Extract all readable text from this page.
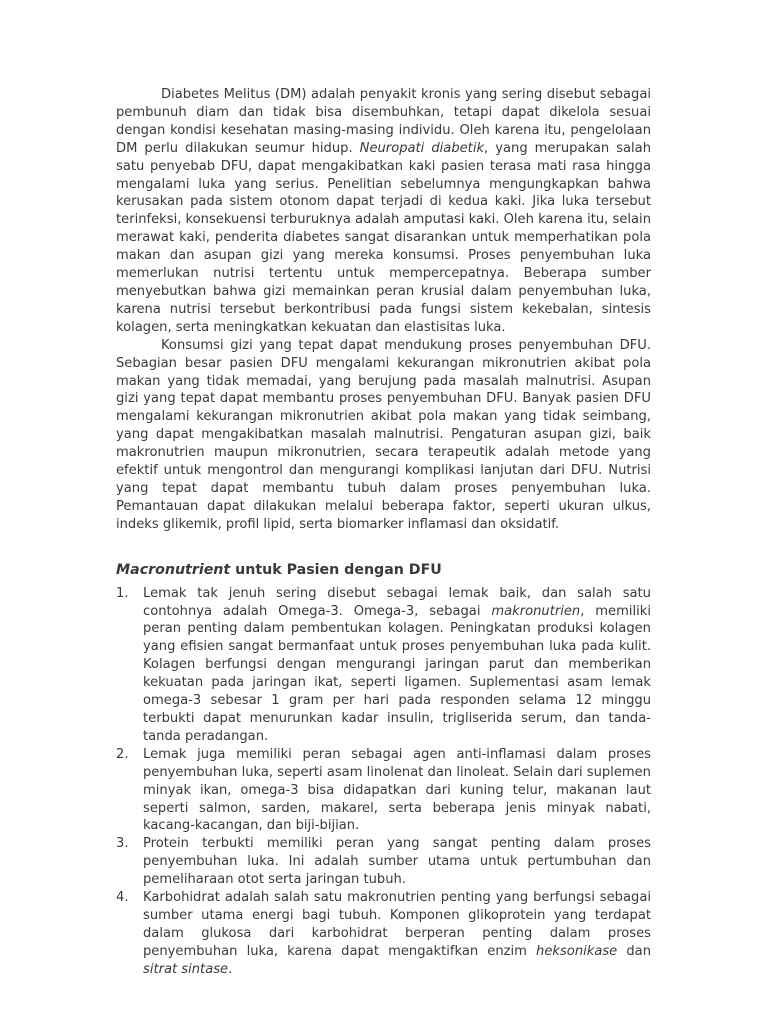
Diabetes Melitus (DM) adalah penyakit kronis yang sering disebut sebagai pembunuh diam dan tidak bisa disembuhkan, tetapi dapat dikelola sesuai dengan kondisi kesehatan masing-masing individu. Oleh karena itu, pengelolaan DM perlu dilakukan seumur hidup. Neuropati diabetik, yang merupakan salah satu penyebab DFU, dapat mengakibatkan kaki pasien terasa mati rasa hingga mengalami luka yang serius. Penelitian sebelumnya mengungkapkan bahwa kerusakan pada sistem otonom dapat terjadi di kedua kaki. Jika luka tersebut terinfeksi, konsekuensi terburuknya adalah amputasi kaki. Oleh karena itu, selain merawat kaki, penderita diabetes sangat disarankan untuk memperhatikan pola makan dan asupan gizi yang mereka konsumsi. Proses penyembuhan luka memerlukan nutrisi tertentu untuk mempercepatnya. Beberapa sumber menyebutkan bahwa gizi memainkan peran krusial dalam penyembuhan luka, karena nutrisi tersebut berkontribusi pada fungsi sistem kekebalan, sintesis kolagen, serta meningkatkan kekuatan dan elastisitas luka.

Konsumsi gizi yang tepat dapat mendukung proses penyembuhan DFU. Sebagian besar pasien DFU mengalami kekurangan mikronutrien akibat pola makan yang tidak memadai, yang berujung pada masalah malnutrisi. Asupan gizi yang tepat dapat membantu proses penyembuhan DFU. Banyak pasien DFU mengalami kekurangan mikronutrien akibat pola makan yang tidak seimbang, yang dapat mengakibatkan masalah malnutrisi. Pengaturan asupan gizi, baik makronutrien maupun mikronutrien, secara terapeutik adalah metode yang efektif untuk mengontrol dan mengurangi komplikasi lanjutan dari DFU. Nutrisi yang tepat dapat membantu tubuh dalam proses penyembuhan luka. Pemantauan dapat dilakukan melalui beberapa faktor, seperti ukuran ulkus, indeks glikemik, profil lipid, serta biomarker inflamasi dan oksidatif.

Macronutrient untuk Pasien dengan DFU
1. Lemak tak jenuh sering disebut sebagai lemak baik, dan salah satu contohnya adalah Omega-3. Omega-3, sebagai makronutrien, memiliki peran penting dalam pembentukan kolagen. Peningkatan produksi kolagen yang efisien sangat bermanfaat untuk proses penyembuhan luka pada kulit. Kolagen berfungsi dengan mengurangi jaringan parut dan memberikan kekuatan pada jaringan ikat, seperti ligamen. Suplementasi asam lemak omega-3 sebesar 1 gram per hari pada responden selama 12 minggu terbukti dapat menurunkan kadar insulin, trigliserida serum, dan tanda-tanda peradangan.
2. Lemak juga memiliki peran sebagai agen anti-inflamasi dalam proses penyembuhan luka, seperti asam linolenat dan linoleat. Selain dari suplemen minyak ikan, omega-3 bisa didapatkan dari kuning telur, makanan laut seperti salmon, sarden, makarel, serta beberapa jenis minyak nabati, kacang-kacangan, dan biji-bijian.
3. Protein terbukti memiliki peran yang sangat penting dalam proses penyembuhan luka. Ini adalah sumber utama untuk pertumbuhan dan pemeliharaan otot serta jaringan tubuh.
4. Karbohidrat adalah salah satu makronutrien penting yang berfungsi sebagai sumber utama energi bagi tubuh. Komponen glikoprotein yang terdapat dalam glukosa dari karbohidrat berperan penting dalam proses penyembuhan luka, karena dapat mengaktifkan enzim heksonikase dan sitrat sintase.
